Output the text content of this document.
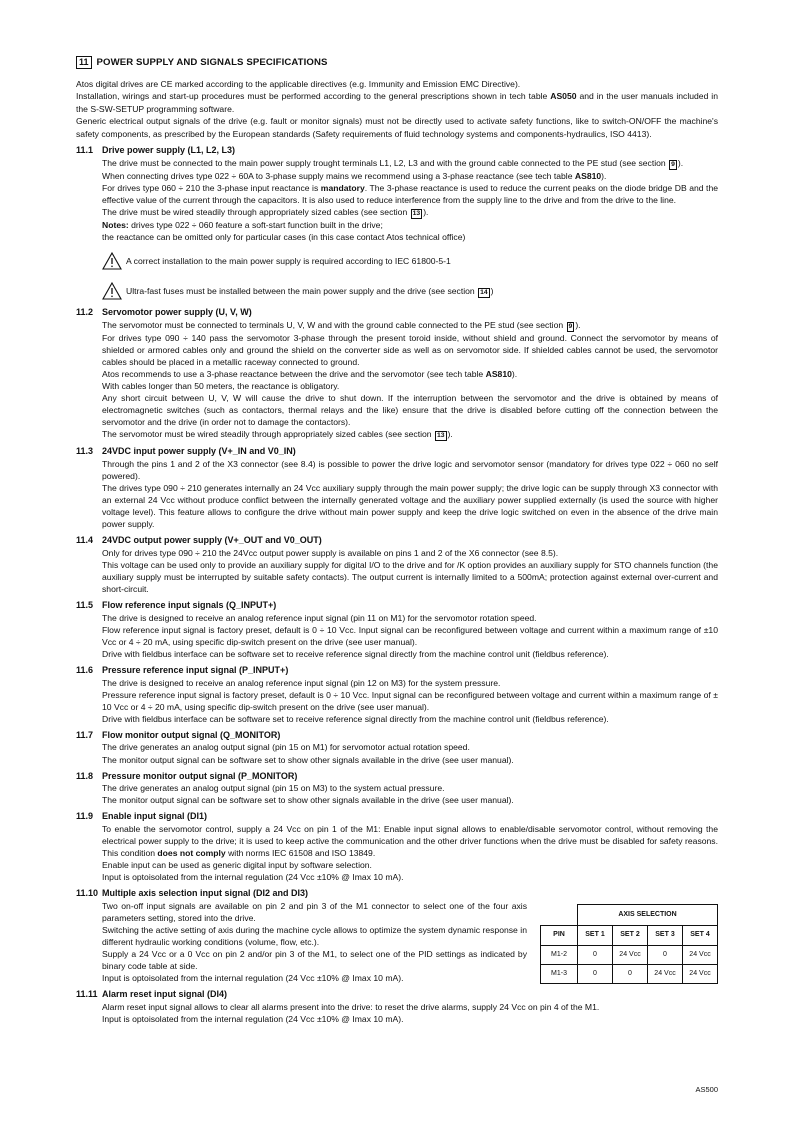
11 POWER SUPPLY AND SIGNALS SPECIFICATIONS
Atos digital drives are CE marked according to the applicable directives (e.g. Immunity and Emission EMC Directive).
Installation, wirings and start-up procedures must be performed according to the general prescriptions shown in tech table AS050 and in the user manuals included in the S-SW-SETUP programming software.
Generic electrical output signals of the drive (e.g. fault or monitor signals) must not be directly used to activate safety functions, like to switch-ON/OFF the machine's safety components, as prescribed by the European standards (Safety requirements of fluid technology systems and components-hydraulics, ISO 4413).
11.1 Drive power supply (L1, L2, L3)

The drive must be connected to the main power supply trought terminals L1, L2, L3 and with the ground cable connected to the PE stud (see section 9 ).

When connecting drives type 022 ÷ 60A to 3-phase supply mains we recommend using a 3-phase reactance (see tech table AS810).

For drives type 060 ÷ 210 the 3-phase input reactance is mandatory. The 3-phase reactance is used to reduce the current peaks on the diode bridge DB and the effective value of the current through the capacitors. It is also used to reduce interference from the supply line to the drive and from the drive to the line.

The drive must be wired steadily through appropriately sized cables (see section 13 ).

Notes: drives type 022 ÷ 060 feature a soft-start function built in the drive;

the reactance can be omitted only for particular cases (in this case contact Atos technical office)

A correct installation to the main power supply is required according to IEC 61800-5-1
Ultra-fast fuses must be installed between the main power supply and the drive (see section 14 )
11.2 Servomotor power supply (U, V, W)

The servomotor must be connected to terminals U, V, W and with the ground cable connected to the PE stud (see section 9 ).

For drives type 090 ÷ 140 pass the servomotor 3-phase through the present toroid inside, without shield and ground. Connect the servomotor by means of shielded or armored cables only and ground the shield on the converter side as well as on servomotor side. If shielded cables cannot be used, the servomotor cables should be placed in a metallic raceway connected to ground.

Atos recommends to use a 3-phase reactance between the drive and the servomotor (see tech table AS810).

With cables longer than 50 meters, the reactance is obligatory.

Any short circuit between U, V, W will cause the drive to shut down. If the interruption between the servomotor and the drive is obtained by means of electromagnetic switches (such as contactors, thermal relays and the like) ensure that the drive is disabled before cutting off the connection between the servomotor and the drive (in order not to damage the contactors).

The servomotor must be wired steadily through appropriately sized cables (see section 13 ).

11.3 24VDC input power supply (V+_IN and V0_IN)

Through the pins 1 and 2 of the X3 connector (see 8.4) is possible to power the drive logic and servomotor sensor (mandatory for drives type 022 ÷ 060 no self powered).

The drives type 090 ÷ 210 generates internally an 24 Vcc auxiliary supply through the main power supply; the drive logic can be supply through X3 connector with an external 24 Vcc without produce conflict between the internally generated voltage and the auxiliary power supplied externally (is used the source with higher voltage level). This feature allows to configure the drive without main power supply and keep the drive logic switched on even in the absence of the drive main power supply.

11.4 24VDC output power supply (V+_OUT and V0_OUT)

Only for drives type 090 ÷ 210 the 24Vcc output power supply is available on pins 1 and 2 of the X6 connector (see 8.5).

This voltage can be used only to provide an auxiliary supply for digital I/O to the drive and for /K option provides an auxiliary supply for STO channels function (the auxiliary supply must be interrupted by suitable safety contacts). The output current is internally limited to a 500mA; protection against external over-current and short-circuit.

11.5 Flow reference input signals (Q_INPUT+)

The drive is designed to receive an analog reference input signal (pin 11 on M1) for the servomotor rotation speed.

Flow reference input signal is factory preset, default is 0 ÷ 10 Vcc. Input signal can be reconfigured between voltage and current within a maximum range of ±10 Vcc or 4 ÷ 20 mA, using specific dip-switch present on the drive (see user manual).

Drive with fieldbus interface can be software set to receive reference signal directly from the machine control unit (fieldbus reference).

11.6 Pressure reference input signal (P_INPUT+)

The drive is designed to receive an analog reference input signal (pin 12 on M3) for the system pressure.

Pressure reference input signal is factory preset, default is 0 ÷ 10 Vcc. Input signal can be reconfigured between voltage and current within a maximum range of ± 10 Vcc or 4 ÷ 20 mA, using specific dip-switch present on the drive (see user manual).

Drive with fieldbus interface can be software set to receive reference signal directly from the machine control unit (fieldbus reference).

11.7 Flow monitor output signal (Q_MONITOR)

The drive generates an analog output signal (pin 15 on M1) for servomotor actual rotation speed.

The monitor output signal can be software set to show other signals available in the drive (see user manual).

11.8 Pressure monitor output signal (P_MONITOR)

The drive generates an analog output signal (pin 15 on M3) to the system actual pressure.

The monitor output signal can be software set to show other signals available in the drive (see user manual).

11.9 Enable input signal (DI1)

To enable the servomotor control, supply a 24 Vcc on pin 1 of the M1: Enable input signal allows to enable/disable servomotor control, without removing the electrical power supply to the drive; it is used to keep active the communication and the other driver functions when the drive must be disabled for safety reasons. This condition does not comply with norms IEC 61508 and ISO 13849.

Enable input can be used as generic digital input by software selection.

Input is optoisolated from the internal regulation (24 Vcc ±10% @ Imax 10 mA).

11.10 Multiple axis selection input signal (DI2 and DI3)

Two on-off input signals are available on pin 2 and pin 3 of the M1 connector to select one of the four axis parameters setting, stored into the drive.

Switching the active setting of axis during the machine cycle allows to optimize the system dynamic response in different hydraulic working conditions (volume, flow, etc.).

Supply a 24 Vcc or a 0 Vcc on pin 2 and/or pin 3 of the M1, to select one of the PID settings as indicated by binary code table at side.

Input is optoisolated from the internal regulation (24 Vcc ±10% @ Imax 10 mA).

	AXIS SELECTION			
PIN	SET 1	SET 2	SET 3	SET 4
M1-2	0	24 Vcc	0	24 Vcc
M1-3	0	0	24 Vcc	24 Vcc
11.11 Alarm reset input signal (DI4)

Alarm reset input signal allows to clear all alarms present into the drive: to reset the drive alarms, supply 24 Vcc on pin 4 of the M1.

Input is optoisolated from the internal regulation (24 Vcc ±10% @ Imax 10 mA).

AS500
